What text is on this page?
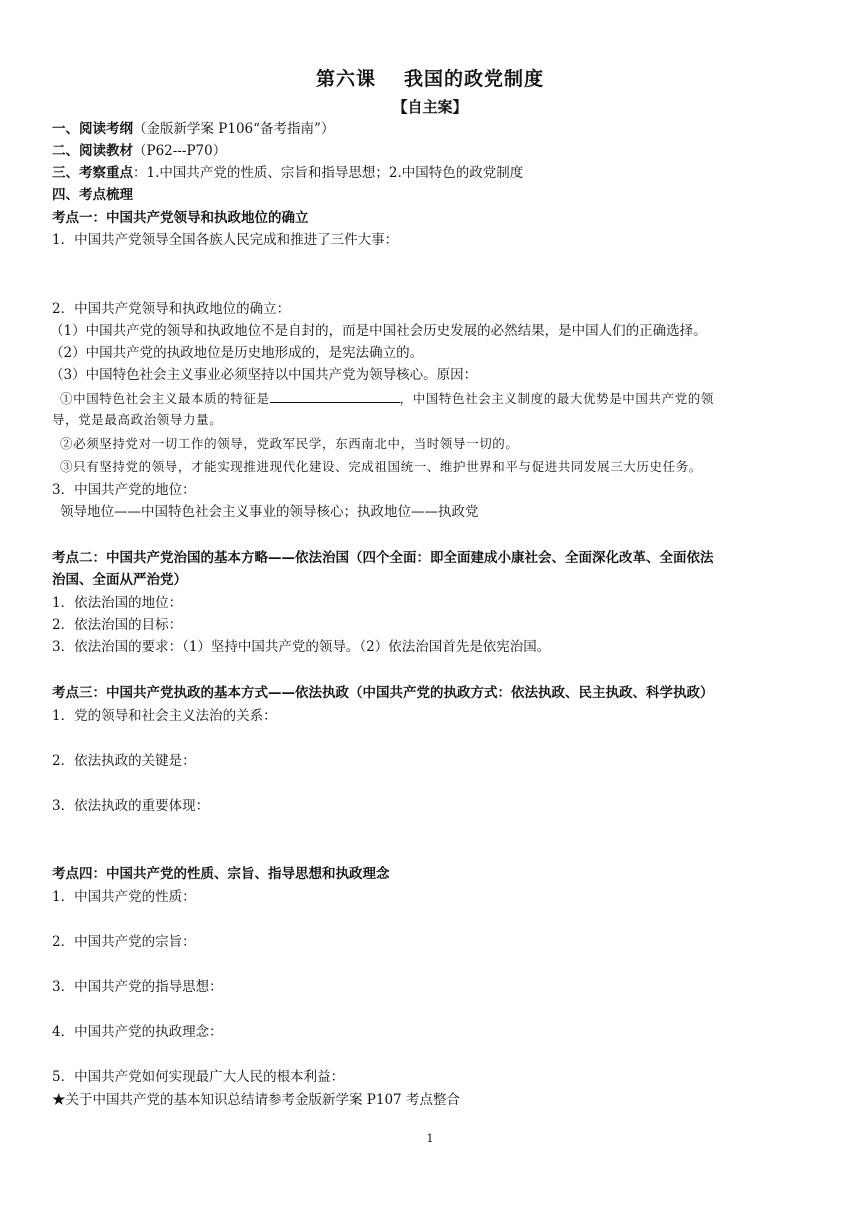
第六课 我国的政党制度
【自主案】
一、阅读考纲（金版新学案 P106“备考指南”）
二、阅读教材（P62---P70）
三、考察重点：1.中国共产党的性质、宗旨和指导思想；2.中国特色的政党制度
四、考点梳理
考点一：中国共产党领导和执政地位的确立
1．中国共产党领导全国各族人民完成和推进了三件大事：
2．中国共产党领导和执政地位的确立：
（1）中国共产党的领导和执政地位不是自封的，而是中国社会历史发展的必然结果，是中国人们的正确选择。
（2）中国共产党的执政地位是历史地形成的，是宪法确立的。
（3）中国特色社会主义事业必须坚持以中国共产党为领导核心。原因：
①中国特色社会主义最本质的特征是	，中国特色社会主义制度的最大优势是中国共产党的领
导，党是最高政治领导力量。
②必须坚持党对一切工作的领导，党政军民学，东西南北中，当时领导一切的。
③只有坚持党的领导，才能实现推进现代化建设、完成祖国统一、维护世界和平与促进共同发展三大历史任务。
3．中国共产党的地位：
领导地位——中国特色社会主义事业的领导核心；执政地位——执政党
考点二：中国共产党治国的基本方略——依法治国（四个全面：即全面建成小康社会、全面深化改革、全面依法
治国、全面从严治党）
1．依法治国的地位：
2．依法治国的目标：
3．依法治国的要求：（1）坚持中国共产党的领导。（2）依法治国首先是依宪治国。
考点三：中国共产党执政的基本方式——依法执政（中国共产党的执政方式：依法执政、民主执政、科学执政）
1．党的领导和社会主义法治的关系：
2．依法执政的关键是：
3．依法执政的重要体现：
考点四：中国共产党的性质、宗旨、指导思想和执政理念
1．中国共产党的性质：
2．中国共产党的宗旨：
3．中国共产党的指导思想：
4．中国共产党的执政理念：
5．中国共产党如何实现最广大人民的根本利益：
★关于中国共产党的基本知识总结请参考金版新学案 P107 考点整合
1
